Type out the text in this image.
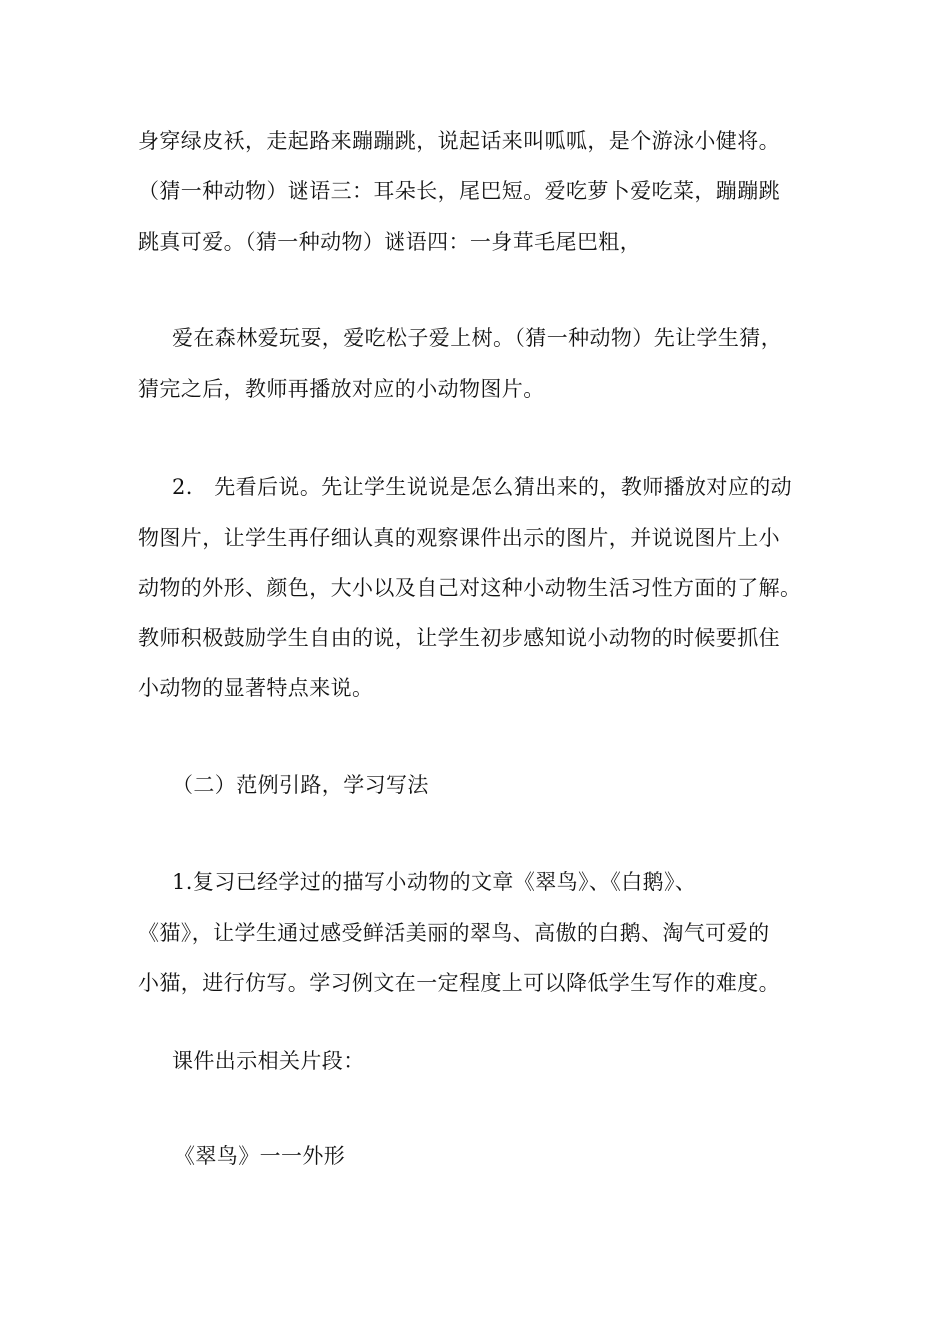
身穿绿皮袄，走起路来蹦蹦跳，说起话来叫呱呱，是个游泳小健将。
（猜一种动物）谜语三：耳朵长，尾巴短。爱吃萝卜爱吃菜，蹦蹦跳
跳真可爱。（猜一种动物）谜语四：一身茸毛尾巴粗，
爱在森林爱玩耍，爱吃松子爱上树。（猜一种动物）先让学生猜，
猜完之后，教师再播放对应的小动物图片。
2.　先看后说。先让学生说说是怎么猜出来的，教师播放对应的动
物图片，让学生再仔细认真的观察课件出示的图片，并说说图片上小
动物的外形、颜色，大小以及自己对这种小动物生活习性方面的了解。
教师积极鼓励学生自由的说，让学生初步感知说小动物的时候要抓住
小动物的显著特点来说。
（二）范例引路，学习写法
1.复习已经学过的描写小动物的文章《翠鸟》、《白鹅》、
《猫》，让学生通过感受鲜活美丽的翠鸟、高傲的白鹅、淘气可爱的
小猫，进行仿写。学习例文在一定程度上可以降低学生写作的难度。
课件出示相关片段：
《翠鸟》一一外形
